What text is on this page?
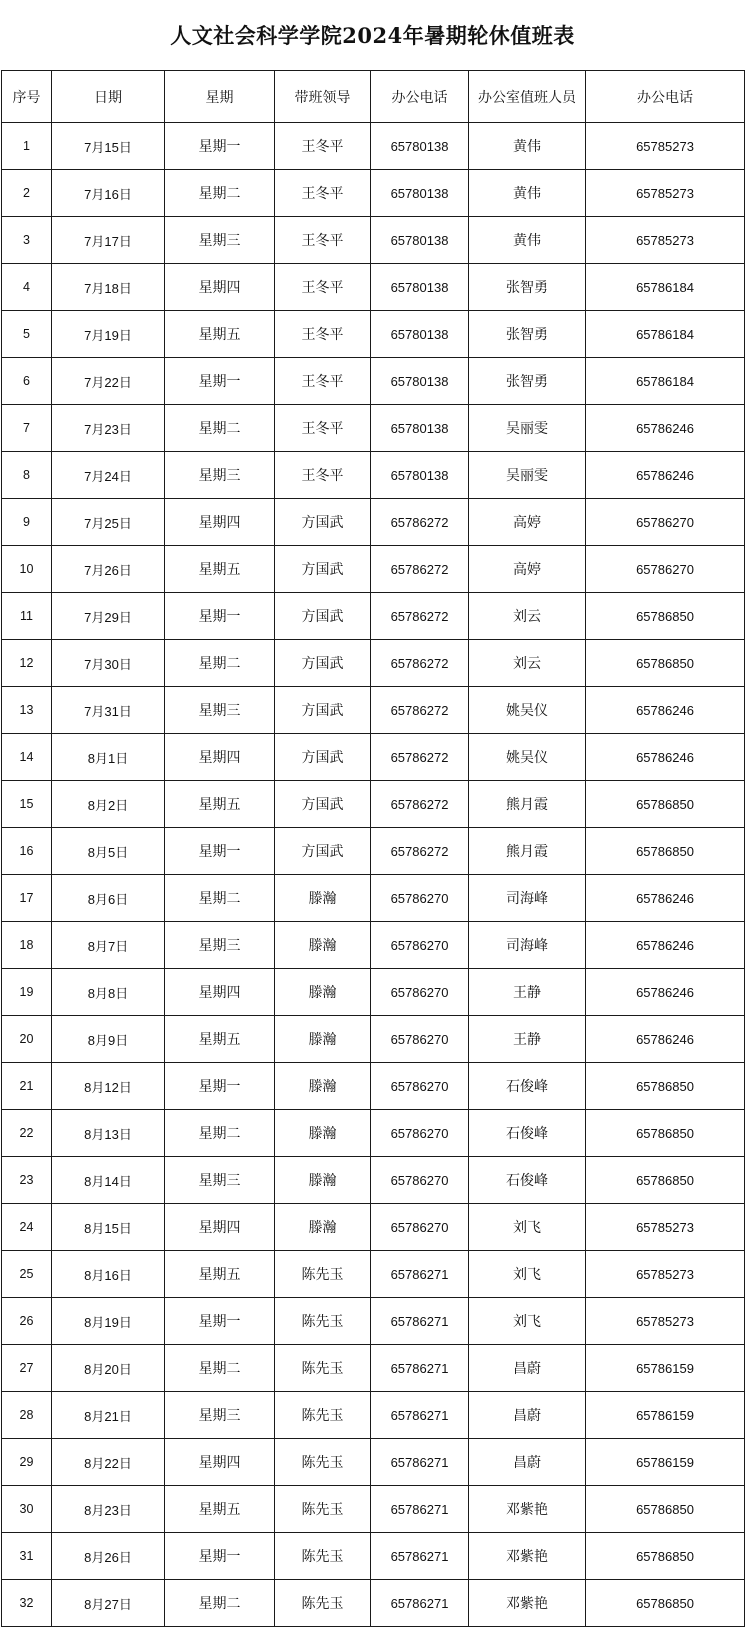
人文社会科学学院2024年暑期轮休值班表
序号	日期	星期	带班领导	办公电话	办公室值班人员	办公电话
1	7月15日	星期一	王冬平	65780138	黄伟	65785273
2	7月16日	星期二	王冬平	65780138	黄伟	65785273
3	7月17日	星期三	王冬平	65780138	黄伟	65785273
4	7月18日	星期四	王冬平	65780138	张智勇	65786184
5	7月19日	星期五	王冬平	65780138	张智勇	65786184
6	7月22日	星期一	王冬平	65780138	张智勇	65786184
7	7月23日	星期二	王冬平	65780138	吴丽雯	65786246
8	7月24日	星期三	王冬平	65780138	吴丽雯	65786246
9	7月25日	星期四	方国武	65786272	高婷	65786270
10	7月26日	星期五	方国武	65786272	高婷	65786270
11	7月29日	星期一	方国武	65786272	刘云	65786850
12	7月30日	星期二	方国武	65786272	刘云	65786850
13	7月31日	星期三	方国武	65786272	姚吴仪	65786246
14	8月1日	星期四	方国武	65786272	姚吴仪	65786246
15	8月2日	星期五	方国武	65786272	熊月霞	65786850
16	8月5日	星期一	方国武	65786272	熊月霞	65786850
17	8月6日	星期二	滕瀚	65786270	司海峰	65786246
18	8月7日	星期三	滕瀚	65786270	司海峰	65786246
19	8月8日	星期四	滕瀚	65786270	王静	65786246
20	8月9日	星期五	滕瀚	65786270	王静	65786246
21	8月12日	星期一	滕瀚	65786270	石俊峰	65786850
22	8月13日	星期二	滕瀚	65786270	石俊峰	65786850
23	8月14日	星期三	滕瀚	65786270	石俊峰	65786850
24	8月15日	星期四	滕瀚	65786270	刘飞	65785273
25	8月16日	星期五	陈先玉	65786271	刘飞	65785273
26	8月19日	星期一	陈先玉	65786271	刘飞	65785273
27	8月20日	星期二	陈先玉	65786271	昌蔚	65786159
28	8月21日	星期三	陈先玉	65786271	昌蔚	65786159
29	8月22日	星期四	陈先玉	65786271	昌蔚	65786159
30	8月23日	星期五	陈先玉	65786271	邓紫艳	65786850
31	8月26日	星期一	陈先玉	65786271	邓紫艳	65786850
32	8月27日	星期二	陈先玉	65786271	邓紫艳	65786850
